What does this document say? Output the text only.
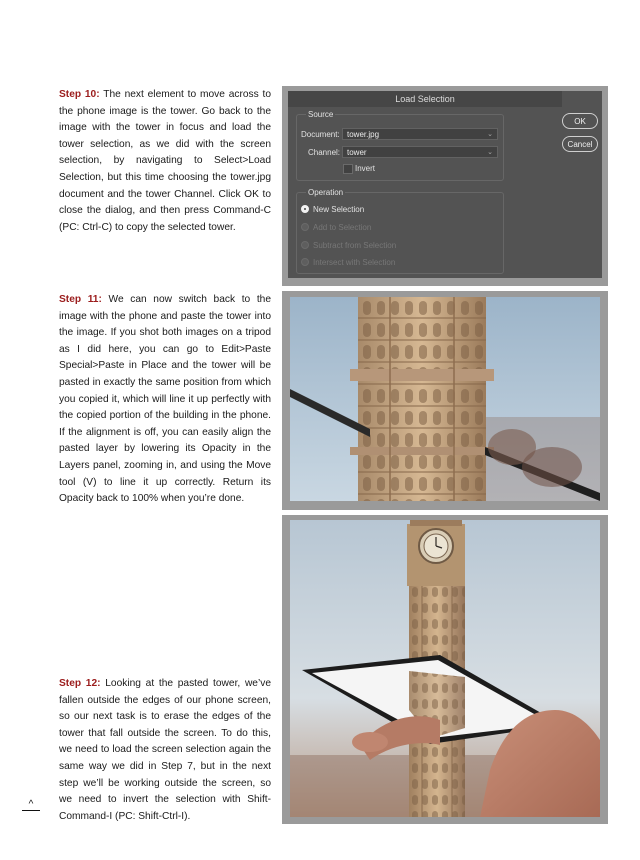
Step 10: The next element to move across to the phone image is the tower. Go back to the image with the tower in focus and load the tower selection, as we did with the screen selection, by navigating to Select>Load Selection, but this time choosing the tower.jpg document and the tower Channel. Click OK to close the dialog, and then press Command-C (PC: Ctrl-C) to copy the selected tower.
Load Selection
Source
Document: tower.jpg	⌄
Channel: tower	⌄
Invert
Operation
New Selection
Add to Selection
Subtract from Selection
Intersect with Selection
OK
Cancel
Step 11: We can now switch back to the image with the phone and paste the tower into the image. If you shot both images on a tripod as I did here, you can go to Edit>Paste Special>Paste in Place and the tower will be pasted in exactly the same position from which you copied it, which will line it up perfectly with the copied portion of the building in the phone. If the alignment is off, you can easily align the pasted layer by lowering its Opacity in the Layers panel, zooming in, and using the Move tool (V) to line it up correctly. Return its Opacity back to 100% when you’re done.
Step 12: Looking at the pasted tower, we’ve fallen outside the edges of our phone screen, so our next task is to erase the edges of the tower that fall outside the screen. To do this, we need to load the screen selection again the same way we did in Step 7, but in the next step we’ll be working outside the screen, so we need to invert the selection with Shift-Command-I (PC: Shift-Ctrl-I).
^
